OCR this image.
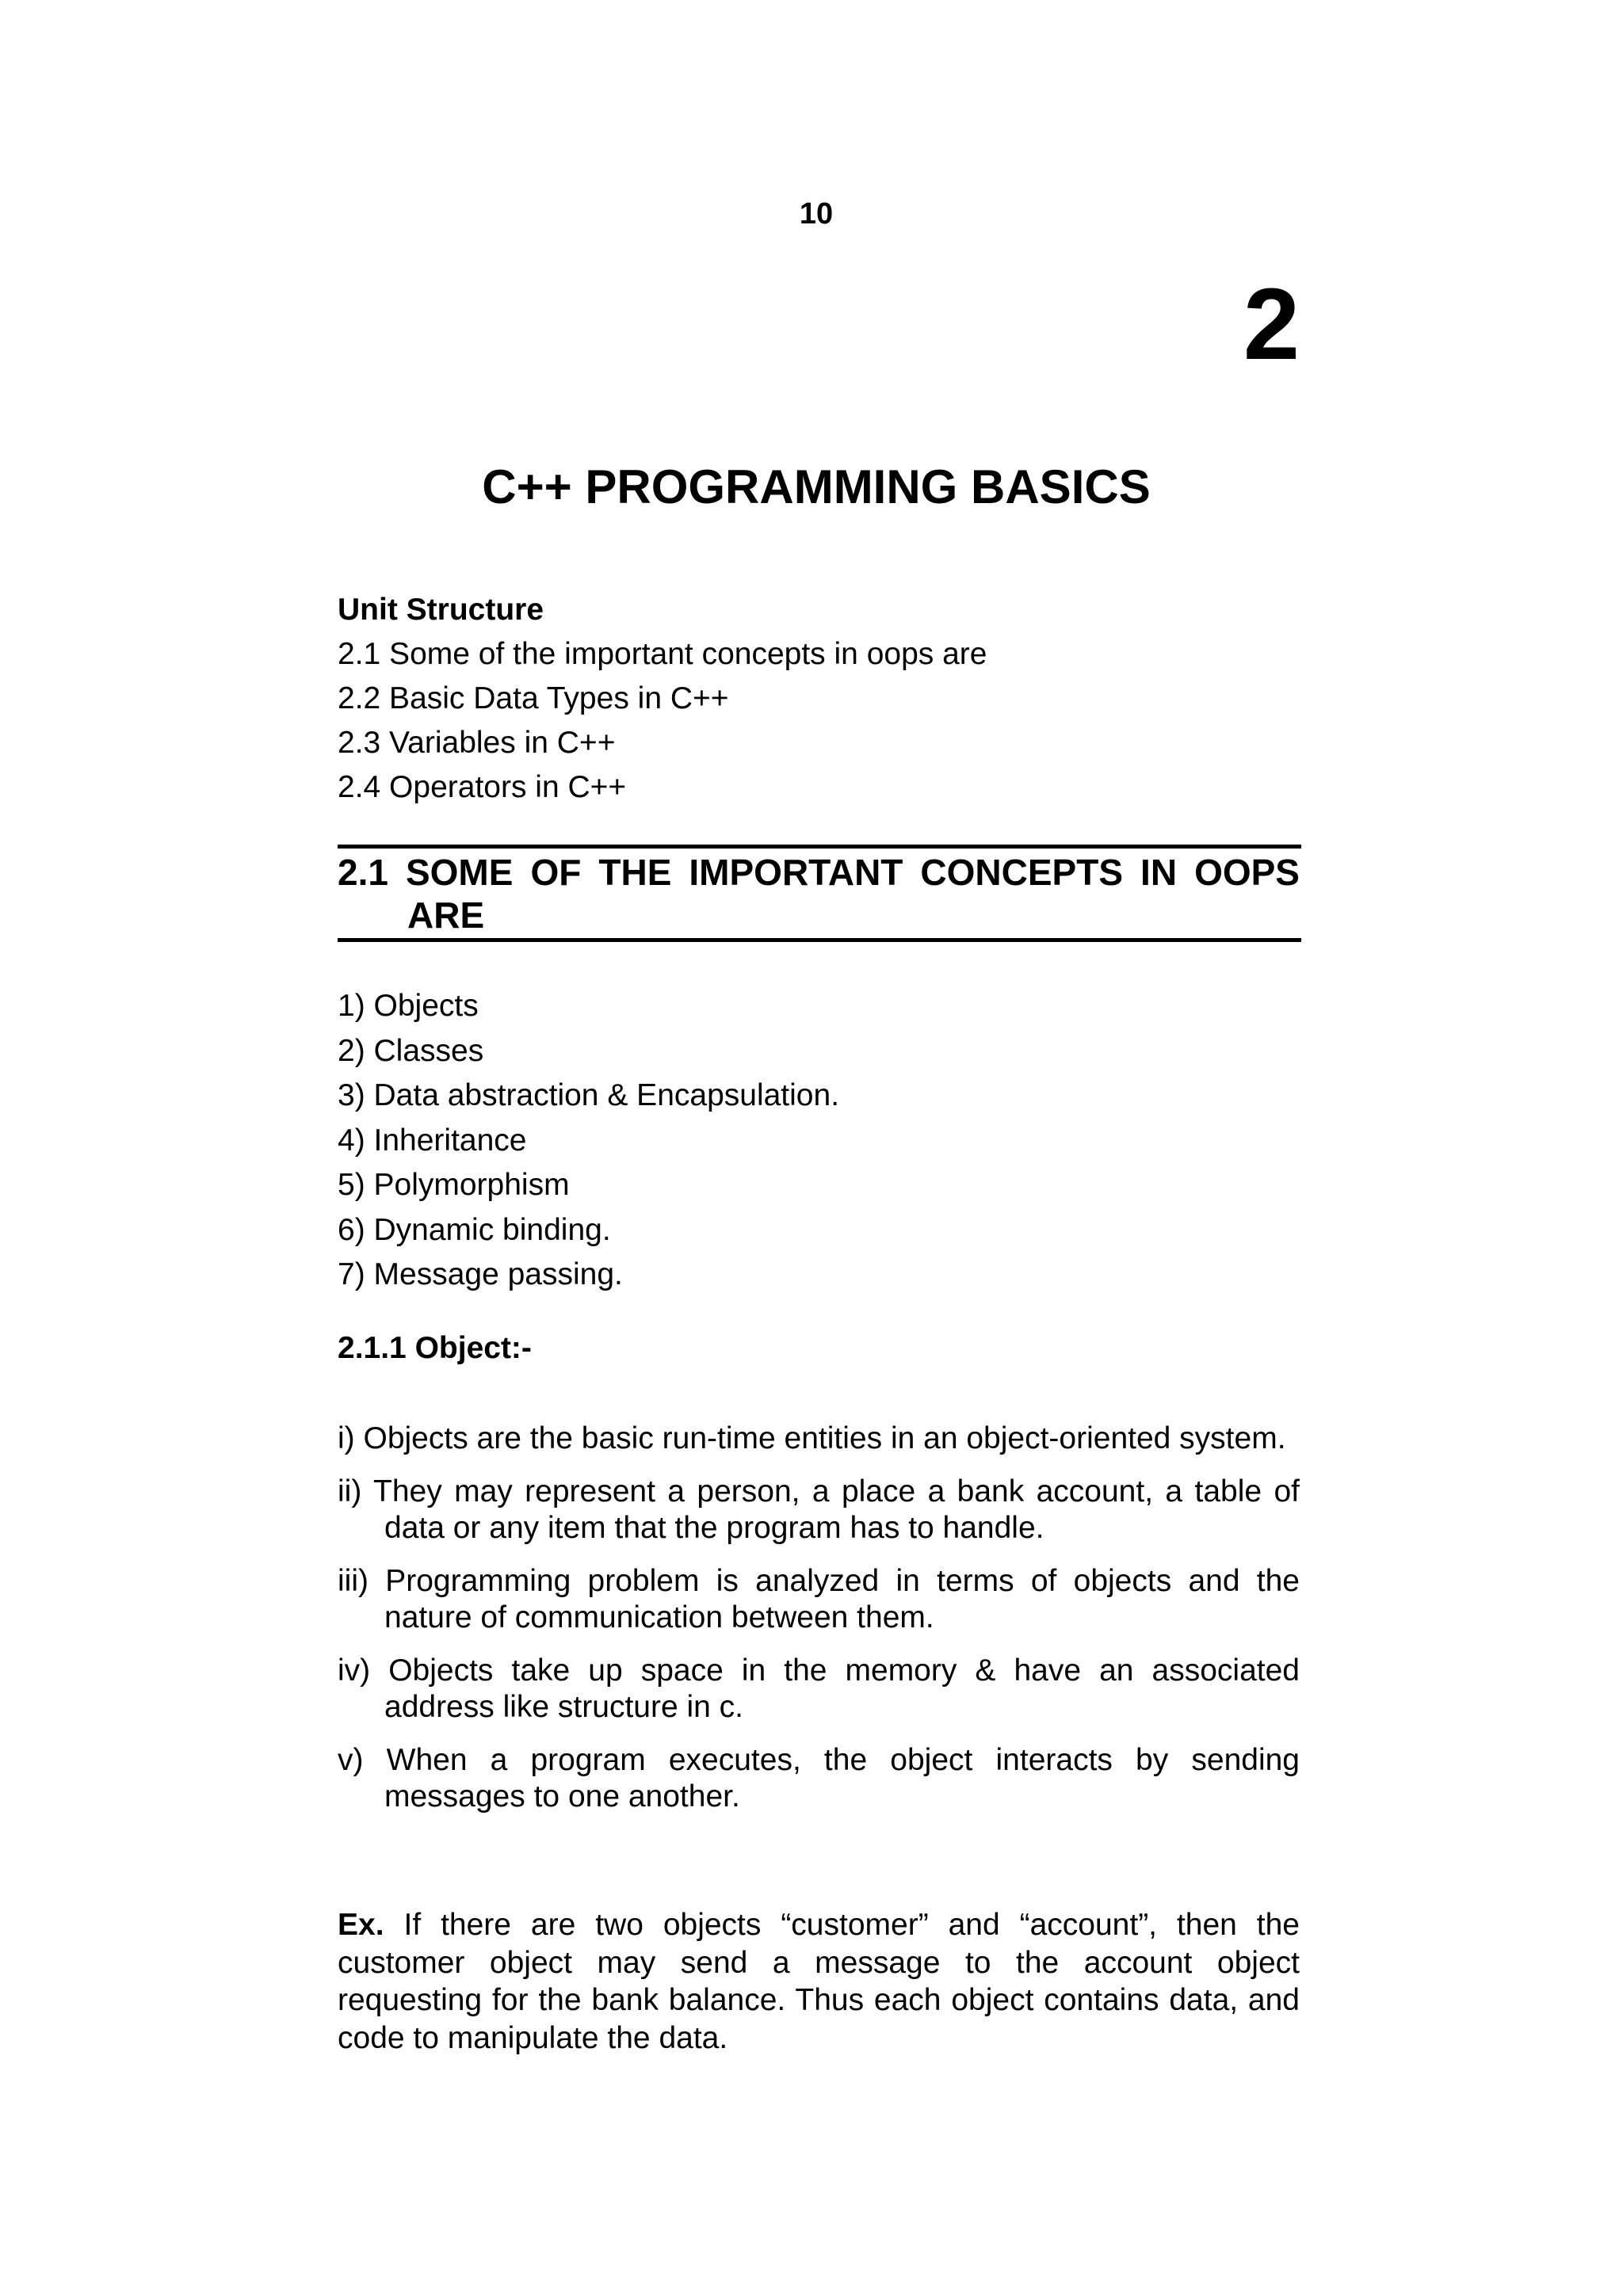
10
2
C++ PROGRAMMING BASICS
Unit Structure
2.1 Some of the important concepts in oops are
2.2 Basic Data Types in C++
2.3 Variables in C++
2.4 Operators in C++
2.1 SOME OF THE IMPORTANT CONCEPTS IN OOPS
ARE
1) Objects
2) Classes
3) Data abstraction & Encapsulation.
4) Inheritance
5) Polymorphism
6) Dynamic binding.
7) Message passing.
2.1.1 Object:-
i) Objects are the basic run-time entities in an object-oriented system.
ii) They may represent a person, a place a bank account, a table of data or any item that the program has to handle.
iii) Programming problem is analyzed in terms of objects and the nature of communication between them.
iv) Objects take up space in the memory & have an associated address like structure in c.
v) When a program executes, the object interacts by sending messages to one another.
Ex. If there are two objects “customer” and “account”, then the customer object may send a message to the account object requesting for the bank balance. Thus each object contains data, and code to manipulate the data.
